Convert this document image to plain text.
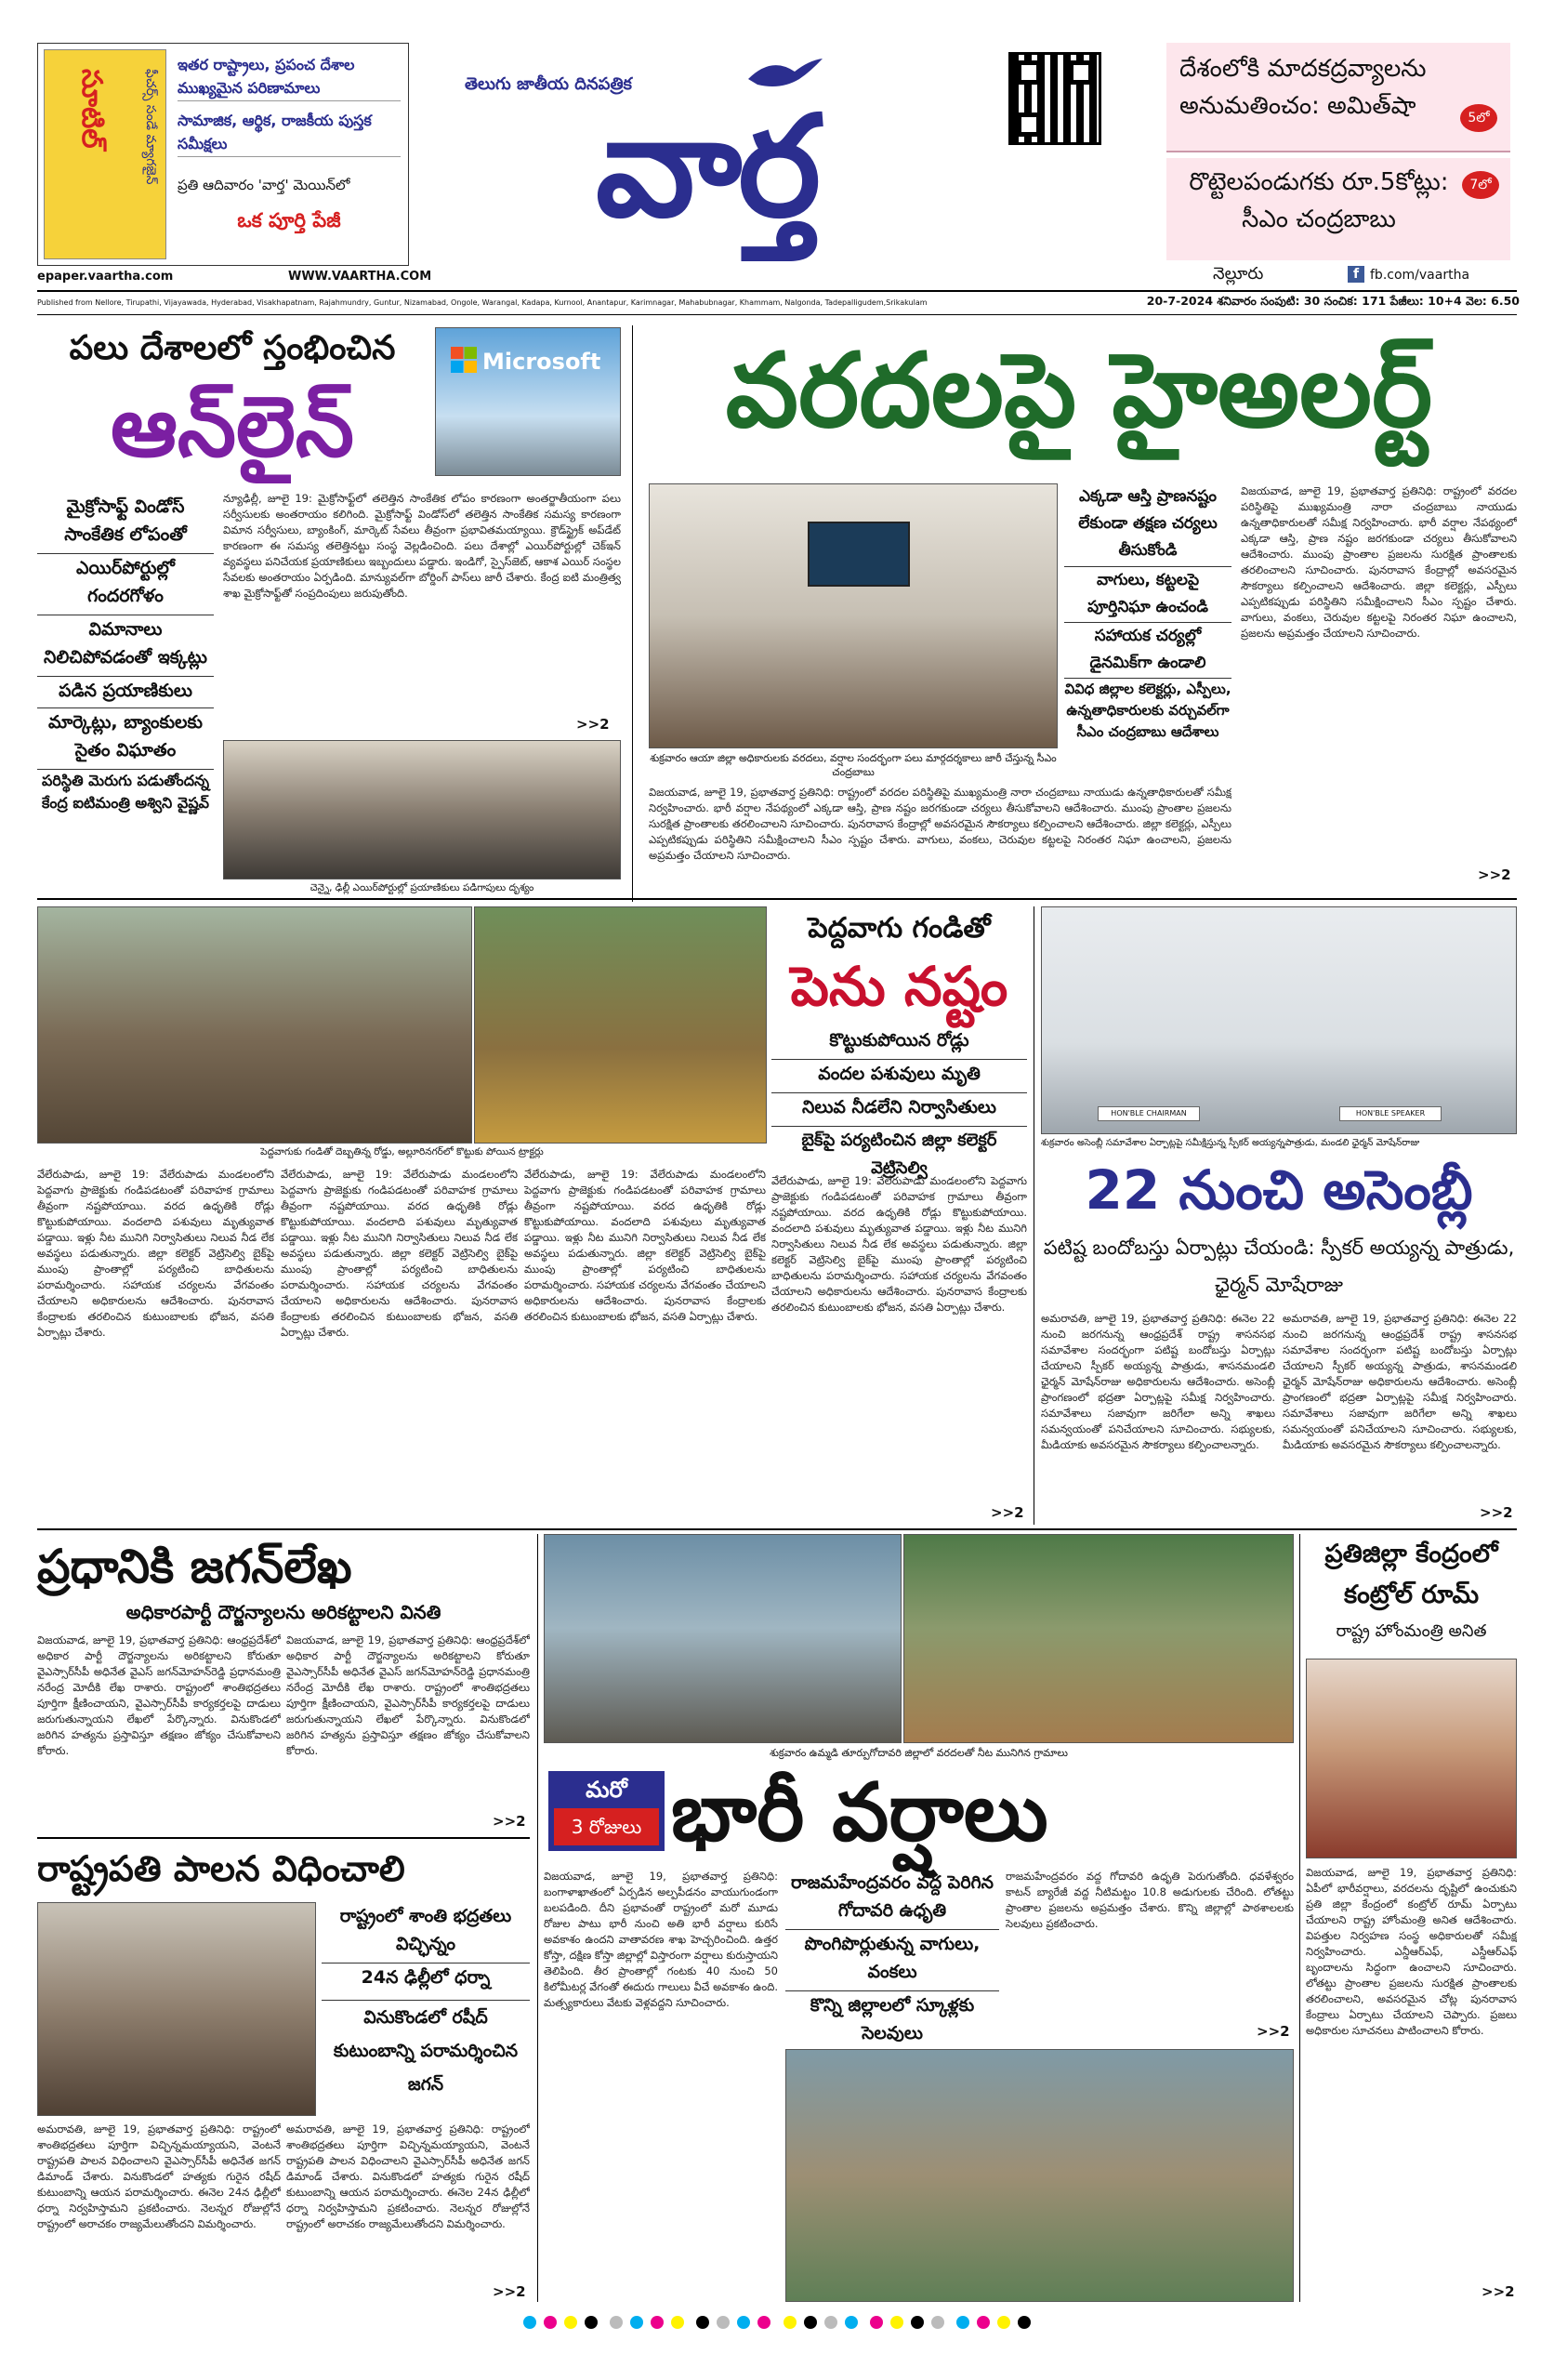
సూటిల్	ఫీచర్స్ సండే మ్యాగజైన్
ఇతర రాష్ట్రాలు, ప్రపంచ దేశాల ముఖ్యమైన పరిణామాలు
సామాజిక, ఆర్థిక, రాజకీయ పుస్తక సమీక్షలు
ప్రతి ఆదివారం 'వార్త' మెయిన్‌లో
ఒక పూర్తి పేజీ
తెలుగు జాతీయ దినపత్రిక
వార్త
దేశంలోకి మాదకద్రవ్యాలను అనుమతించం: అమిత్‌షా	5లో
రొట్టెలపండుగకు రూ.5కోట్లు: సీఎం చంద్రబాబు
7లో
epaper.vaartha.com	WWW.VAARTHA.COM	నెల్లూరు	f fb.com/vaartha
Published from Nellore, Tirupathi, Vijayawada, Hyderabad, Visakhapatnam, Rajahmundry, Guntur, Nizamabad, Ongole, Warangal, Kadapa, Kurnool, Anantapur, Karimnagar, Mahabubnagar, Khammam, Nalgonda, Tadepalligudem,Srikakulam	20-7-2024 శనివారం సంపుటి: 30 సంచిక: 171 పేజీలు: 10+4 వెల: 6.50
పలు దేశాలలో స్తంభించిన
ఆన్‌లైన్
Microsoft
మైక్రోసాఫ్ట్ విండోస్ సాంకేతిక లోపంతో
ఎయిర్‌పోర్టుల్లో గందరగోళం
విమానాలు నిలిచిపోవడంతో ఇక్కట్లు
పడిన ప్రయాణికులు
మార్కెట్లు, బ్యాంకులకు సైతం విఘాతం
పరిస్థితి మెరుగు పడుతోందన్న కేంద్ర ఐటిమంత్రి అశ్విని వైష్ణవ్
న్యూఢిల్లీ, జూలై 19: మైక్రోసాఫ్ట్‌లో తలెత్తిన సాంకేతిక లోపం కారణంగా అంతర్జాతీయంగా పలు సర్వీసులకు అంతరాయం కలిగింది. మైక్రోసాఫ్ట్ విండోస్‌లో తలెత్తిన సాంకేతిక సమస్య కారణంగా విమాన సర్వీసులు, బ్యాంకింగ్, మార్కెట్ సేవలు తీవ్రంగా ప్రభావితమయ్యాయి. క్రౌడ్‌స్ట్రైక్ అప్‌డేట్ కారణంగా ఈ సమస్య తలెత్తినట్టు సంస్థ వెల్లడించింది. పలు దేశాల్లో ఎయిర్‌పోర్టుల్లో చెక్‌ఇన్ వ్యవస్థలు పనిచేయక ప్రయాణికులు ఇబ్బందులు పడ్డారు. ఇండిగో, స్పైస్‌జెట్, ఆకాశ ఎయిర్ సంస్థల సేవలకు అంతరాయం ఏర్పడింది. మాన్యువల్‌గా బోర్డింగ్ పాస్‌లు జారీ చేశారు. కేంద్ర ఐటి మంత్రిత్వ శాఖ మైక్రోసాఫ్ట్‌తో సంప్రదింపులు జరుపుతోంది.
>>2
చెన్నై, ఢిల్లీ ఎయిర్‌పోర్టుల్లో ప్రయాణికులు పడిగాపులు దృశ్యం
వరదలపై హైఅలర్ట్
శుక్రవారం ఆయా జిల్లా అధికారులకు వరదలు, వర్షాల సందర్భంగా పలు మార్గదర్శకాలు జారీ చేస్తున్న సీఎం చంద్రబాబు
ఎక్కడా ఆస్తి ప్రాణనష్టం లేకుండా తక్షణ చర్యలు తీసుకోండి
వాగులు, కట్టలపై పూర్తినిఘా ఉంచండి
సహాయక చర్యల్లో డైనమిక్‌గా ఉండాలి
వివిధ జిల్లాల కలెక్టర్లు, ఎస్పీలు, ఉన్నతాధికారులకు వర్చువల్‌గా సీఎం చంద్రబాబు ఆదేశాలు
విజయవాడ, జూలై 19, ప్రభాతవార్త ప్రతినిధి: రాష్ట్రంలో వరదల పరిస్థితిపై ముఖ్యమంత్రి నారా చంద్రబాబు నాయుడు ఉన్నతాధికారులతో సమీక్ష నిర్వహించారు. భారీ వర్షాల నేపథ్యంలో ఎక్కడా ఆస్తి, ప్రాణ నష్టం జరగకుండా చర్యలు తీసుకోవాలని ఆదేశించారు. ముంపు ప్రాంతాల ప్రజలను సురక్షిత ప్రాంతాలకు తరలించాలని సూచించారు. పునరావాస కేంద్రాల్లో అవసరమైన సౌకర్యాలు కల్పించాలని ఆదేశించారు. జిల్లా కలెక్టర్లు, ఎస్పీలు ఎప్పటికప్పుడు పరిస్థితిని సమీక్షించాలని సీఎం స్పష్టం చేశారు. వాగులు, వంకలు, చెరువుల కట్టలపై నిరంతర నిఘా ఉంచాలని, ప్రజలను అప్రమత్తం చేయాలని సూచించారు.
విజయవాడ, జూలై 19, ప్రభాతవార్త ప్రతినిధి: రాష్ట్రంలో వరదల పరిస్థితిపై ముఖ్యమంత్రి నారా చంద్రబాబు నాయుడు ఉన్నతాధికారులతో సమీక్ష నిర్వహించారు. భారీ వర్షాల నేపథ్యంలో ఎక్కడా ఆస్తి, ప్రాణ నష్టం జరగకుండా చర్యలు తీసుకోవాలని ఆదేశించారు. ముంపు ప్రాంతాల ప్రజలను సురక్షిత ప్రాంతాలకు తరలించాలని సూచించారు. పునరావాస కేంద్రాల్లో అవసరమైన సౌకర్యాలు కల్పించాలని ఆదేశించారు. జిల్లా కలెక్టర్లు, ఎస్పీలు ఎప్పటికప్పుడు పరిస్థితిని సమీక్షించాలని సీఎం స్పష్టం చేశారు. వాగులు, వంకలు, చెరువుల కట్టలపై నిరంతర నిఘా ఉంచాలని, ప్రజలను అప్రమత్తం చేయాలని సూచించారు.
>>2
పెద్దవాగుకు గండితో దెబ్బతిన్న రోడ్డు, అల్లూరినగర్‌లో కొట్టుకు పోయిన ట్రాక్టర్లు
పెద్దవాగు గండితో
పెను నష్టం
కొట్టుకుపోయిన రోడ్లు
వందల పశువులు మృతి
నిలువ నీడలేని నిర్వాసితులు
బైక్‌పై పర్యటించిన జిల్లా కలెక్టర్ వెట్రిసెల్వి
వేలేరుపాడు, జూలై 19: వేలేరుపాడు మండలంలోని పెద్దవాగు ప్రాజెక్టుకు గండిపడటంతో పరివాహక గ్రామాలు తీవ్రంగా నష్టపోయాయి. వరద ఉధృతికి రోడ్లు కొట్టుకుపోయాయి. వందలాది పశువులు మృత్యువాత పడ్డాయి. ఇళ్లు నీట మునిగి నిర్వాసితులు నిలువ నీడ లేక అవస్థలు పడుతున్నారు. జిల్లా కలెక్టర్ వెట్రిసెల్వి బైక్‌పై ముంపు ప్రాంతాల్లో పర్యటించి బాధితులను పరామర్శించారు. సహాయక చర్యలను వేగవంతం చేయాలని అధికారులను ఆదేశించారు. పునరావాస కేంద్రాలకు తరలించిన కుటుంబాలకు భోజన, వసతి ఏర్పాట్లు చేశారు.
వేలేరుపాడు, జూలై 19: వేలేరుపాడు మండలంలోని పెద్దవాగు ప్రాజెక్టుకు గండిపడటంతో పరివాహక గ్రామాలు తీవ్రంగా నష్టపోయాయి. వరద ఉధృతికి రోడ్లు కొట్టుకుపోయాయి. వందలాది పశువులు మృత్యువాత పడ్డాయి. ఇళ్లు నీట మునిగి నిర్వాసితులు నిలువ నీడ లేక అవస్థలు పడుతున్నారు. జిల్లా కలెక్టర్ వెట్రిసెల్వి బైక్‌పై ముంపు ప్రాంతాల్లో పర్యటించి బాధితులను పరామర్శించారు. సహాయక చర్యలను వేగవంతం చేయాలని అధికారులను ఆదేశించారు. పునరావాస కేంద్రాలకు తరలించిన కుటుంబాలకు భోజన, వసతి ఏర్పాట్లు చేశారు.
వేలేరుపాడు, జూలై 19: వేలేరుపాడు మండలంలోని పెద్దవాగు ప్రాజెక్టుకు గండిపడటంతో పరివాహక గ్రామాలు తీవ్రంగా నష్టపోయాయి. వరద ఉధృతికి రోడ్లు కొట్టుకుపోయాయి. వందలాది పశువులు మృత్యువాత పడ్డాయి. ఇళ్లు నీట మునిగి నిర్వాసితులు నిలువ నీడ లేక అవస్థలు పడుతున్నారు. జిల్లా కలెక్టర్ వెట్రిసెల్వి బైక్‌పై ముంపు ప్రాంతాల్లో పర్యటించి బాధితులను పరామర్శించారు. సహాయక చర్యలను వేగవంతం చేయాలని అధికారులను ఆదేశించారు. పునరావాస కేంద్రాలకు తరలించిన కుటుంబాలకు భోజన, వసతి ఏర్పాట్లు చేశారు.
వేలేరుపాడు, జూలై 19: వేలేరుపాడు మండలంలోని పెద్దవాగు ప్రాజెక్టుకు గండిపడటంతో పరివాహక గ్రామాలు తీవ్రంగా నష్టపోయాయి. వరద ఉధృతికి రోడ్లు కొట్టుకుపోయాయి. వందలాది పశువులు మృత్యువాత పడ్డాయి. ఇళ్లు నీట మునిగి నిర్వాసితులు నిలువ నీడ లేక అవస్థలు పడుతున్నారు. జిల్లా కలెక్టర్ వెట్రిసెల్వి బైక్‌పై ముంపు ప్రాంతాల్లో పర్యటించి బాధితులను పరామర్శించారు. సహాయక చర్యలను వేగవంతం చేయాలని అధికారులను ఆదేశించారు. పునరావాస కేంద్రాలకు తరలించిన కుటుంబాలకు భోజన, వసతి ఏర్పాట్లు చేశారు.
>>2
HON'BLE CHAIRMAN	HON'BLE SPEAKER
శుక్రవారం అసెంబ్లీ సమావేశాల ఏర్పాట్లపై సమీక్షిస్తున్న స్పీకర్ అయ్యన్నపాత్రుడు, మండలి ఛైర్మన్ మోషేన్‌రాజు
22 నుంచి అసెంబ్లీ
పటిష్ట బందోబస్తు ఏర్పాట్లు చేయండి: స్పీకర్ అయ్యన్న పాత్రుడు, ఛైర్మన్ మోషేరాజు
అమరావతి, జూలై 19, ప్రభాతవార్త ప్రతినిధి: ఈనెల 22 నుంచి జరగనున్న ఆంధ్రప్రదేశ్ రాష్ట్ర శాసనసభ సమావేశాల సందర్భంగా పటిష్ట బందోబస్తు ఏర్పాట్లు చేయాలని స్పీకర్ అయ్యన్న పాత్రుడు, శాసనమండలి ఛైర్మన్ మోషేన్‌రాజు అధికారులను ఆదేశించారు. అసెంబ్లీ ప్రాంగణంలో భద్రతా ఏర్పాట్లపై సమీక్ష నిర్వహించారు. సమావేశాలు సజావుగా జరిగేలా అన్ని శాఖలు సమన్వయంతో పనిచేయాలని సూచించారు. సభ్యులకు, మీడియాకు అవసరమైన సౌకర్యాలు కల్పించాలన్నారు.
అమరావతి, జూలై 19, ప్రభాతవార్త ప్రతినిధి: ఈనెల 22 నుంచి జరగనున్న ఆంధ్రప్రదేశ్ రాష్ట్ర శాసనసభ సమావేశాల సందర్భంగా పటిష్ట బందోబస్తు ఏర్పాట్లు చేయాలని స్పీకర్ అయ్యన్న పాత్రుడు, శాసనమండలి ఛైర్మన్ మోషేన్‌రాజు అధికారులను ఆదేశించారు. అసెంబ్లీ ప్రాంగణంలో భద్రతా ఏర్పాట్లపై సమీక్ష నిర్వహించారు. సమావేశాలు సజావుగా జరిగేలా అన్ని శాఖలు సమన్వయంతో పనిచేయాలని సూచించారు. సభ్యులకు, మీడియాకు అవసరమైన సౌకర్యాలు కల్పించాలన్నారు.
>>2
ప్రధానికి జగన్‌లేఖ
అధికారపార్టీ దౌర్జన్యాలను అరికట్టాలని వినతి
విజయవాడ, జూలై 19, ప్రభాతవార్త ప్రతినిధి: ఆంధ్రప్రదేశ్‌లో అధికార పార్టీ దౌర్జన్యాలను అరికట్టాలని కోరుతూ వైఎస్సార్‌సీపీ అధినేత వైఎస్ జగన్‌మోహన్‌రెడ్డి ప్రధానమంత్రి నరేంద్ర మోదీకి లేఖ రాశారు. రాష్ట్రంలో శాంతిభద్రతలు పూర్తిగా క్షీణించాయని, వైఎస్సార్‌సీపీ కార్యకర్తలపై దాడులు జరుగుతున్నాయని లేఖలో పేర్కొన్నారు. వినుకొండలో జరిగిన హత్యను ప్రస్తావిస్తూ తక్షణం జోక్యం చేసుకోవాలని కోరారు.
విజయవాడ, జూలై 19, ప్రభాతవార్త ప్రతినిధి: ఆంధ్రప్రదేశ్‌లో అధికార పార్టీ దౌర్జన్యాలను అరికట్టాలని కోరుతూ వైఎస్సార్‌సీపీ అధినేత వైఎస్ జగన్‌మోహన్‌రెడ్డి ప్రధానమంత్రి నరేంద్ర మోదీకి లేఖ రాశారు. రాష్ట్రంలో శాంతిభద్రతలు పూర్తిగా క్షీణించాయని, వైఎస్సార్‌సీపీ కార్యకర్తలపై దాడులు జరుగుతున్నాయని లేఖలో పేర్కొన్నారు. వినుకొండలో జరిగిన హత్యను ప్రస్తావిస్తూ తక్షణం జోక్యం చేసుకోవాలని కోరారు.
>>2
రాష్ట్రపతి పాలన విధించాలి
రాష్ట్రంలో శాంతి భద్రతలు విచ్ఛిన్నం
24న ఢిల్లీలో ధర్నా
వినుకొండలో రషీద్ కుటుంబాన్ని పరామర్శించిన జగన్
అమరావతి, జూలై 19, ప్రభాతవార్త ప్రతినిధి: రాష్ట్రంలో శాంతిభద్రతలు పూర్తిగా విచ్ఛిన్నమయ్యాయని, వెంటనే రాష్ట్రపతి పాలన విధించాలని వైఎస్సార్‌సీపీ అధినేత జగన్ డిమాండ్ చేశారు. వినుకొండలో హత్యకు గురైన రషీద్ కుటుంబాన్ని ఆయన పరామర్శించారు. ఈనెల 24న ఢిల్లీలో ధర్నా నిర్వహిస్తామని ప్రకటించారు. నెలన్నర రోజుల్లోనే రాష్ట్రంలో అరాచకం రాజ్యమేలుతోందని విమర్శించారు.
అమరావతి, జూలై 19, ప్రభాతవార్త ప్రతినిధి: రాష్ట్రంలో శాంతిభద్రతలు పూర్తిగా విచ్ఛిన్నమయ్యాయని, వెంటనే రాష్ట్రపతి పాలన విధించాలని వైఎస్సార్‌సీపీ అధినేత జగన్ డిమాండ్ చేశారు. వినుకొండలో హత్యకు గురైన రషీద్ కుటుంబాన్ని ఆయన పరామర్శించారు. ఈనెల 24న ఢిల్లీలో ధర్నా నిర్వహిస్తామని ప్రకటించారు. నెలన్నర రోజుల్లోనే రాష్ట్రంలో అరాచకం రాజ్యమేలుతోందని విమర్శించారు.
>>2
శుక్రవారం ఉమ్మడి తూర్పుగోదావరి జిల్లాలో వరదలతో నీట మునిగిన గ్రామాలు
మరో
3 రోజులు భారీ వర్షాలు
విజయవాడ, జూలై 19, ప్రభాతవార్త ప్రతినిధి: బంగాళాఖాతంలో ఏర్పడిన అల్పపీడనం వాయుగుండంగా బలపడింది. దీని ప్రభావంతో రాష్ట్రంలో మరో మూడు రోజుల పాటు భారీ నుంచి అతి భారీ వర్షాలు కురిసే అవకాశం ఉందని వాతావరణ శాఖ హెచ్చరించింది. ఉత్తర కోస్తా, దక్షిణ కోస్తా జిల్లాల్లో విస్తారంగా వర్షాలు కురుస్తాయని తెలిపింది. తీర ప్రాంతాల్లో గంటకు 40 నుంచి 50 కిలోమీటర్ల వేగంతో ఈదురు గాలులు వీచే అవకాశం ఉంది. మత్స్యకారులు వేటకు వెళ్లవద్దని సూచించారు.
రాజమహేంద్రవరం వద్ద పెరిగిన గోదావరి ఉధృతి
పొంగిపొర్లుతున్న వాగులు, వంకలు
కొన్ని జిల్లాలలో స్కూళ్లకు సెలవులు
రాజమహేంద్రవరం వద్ద గోదావరి ఉధృతి పెరుగుతోంది. ధవళేశ్వరం కాటన్ బ్యారేజీ వద్ద నీటిమట్టం 10.8 అడుగులకు చేరింది. లోతట్టు ప్రాంతాల ప్రజలను అప్రమత్తం చేశారు. కొన్ని జిల్లాల్లో పాఠశాలలకు సెలవులు ప్రకటించారు.
>>2
ప్రతిజిల్లా కేంద్రంలో కంట్రోల్ రూమ్
రాష్ట్ర హోంమంత్రి అనిత
విజయవాడ, జూలై 19, ప్రభాతవార్త ప్రతినిధి: ఏపీలో భారీవర్షాలు, వరదలను దృష్టిలో ఉంచుకుని ప్రతి జిల్లా కేంద్రంలో కంట్రోల్ రూమ్ ఏర్పాటు చేయాలని రాష్ట్ర హోంమంత్రి అనిత ఆదేశించారు. విపత్తుల నిర్వహణ సంస్థ అధికారులతో సమీక్ష నిర్వహించారు. ఎన్డీఆర్ఎఫ్, ఎస్డీఆర్ఎఫ్ బృందాలను సిద్ధంగా ఉంచాలని సూచించారు. లోతట్టు ప్రాంతాల ప్రజలను సురక్షిత ప్రాంతాలకు తరలించాలని, అవసరమైన చోట్ల పునరావాస కేంద్రాలు ఏర్పాటు చేయాలని చెప్పారు. ప్రజలు అధికారుల సూచనలు పాటించాలని కోరారు.
>>2
